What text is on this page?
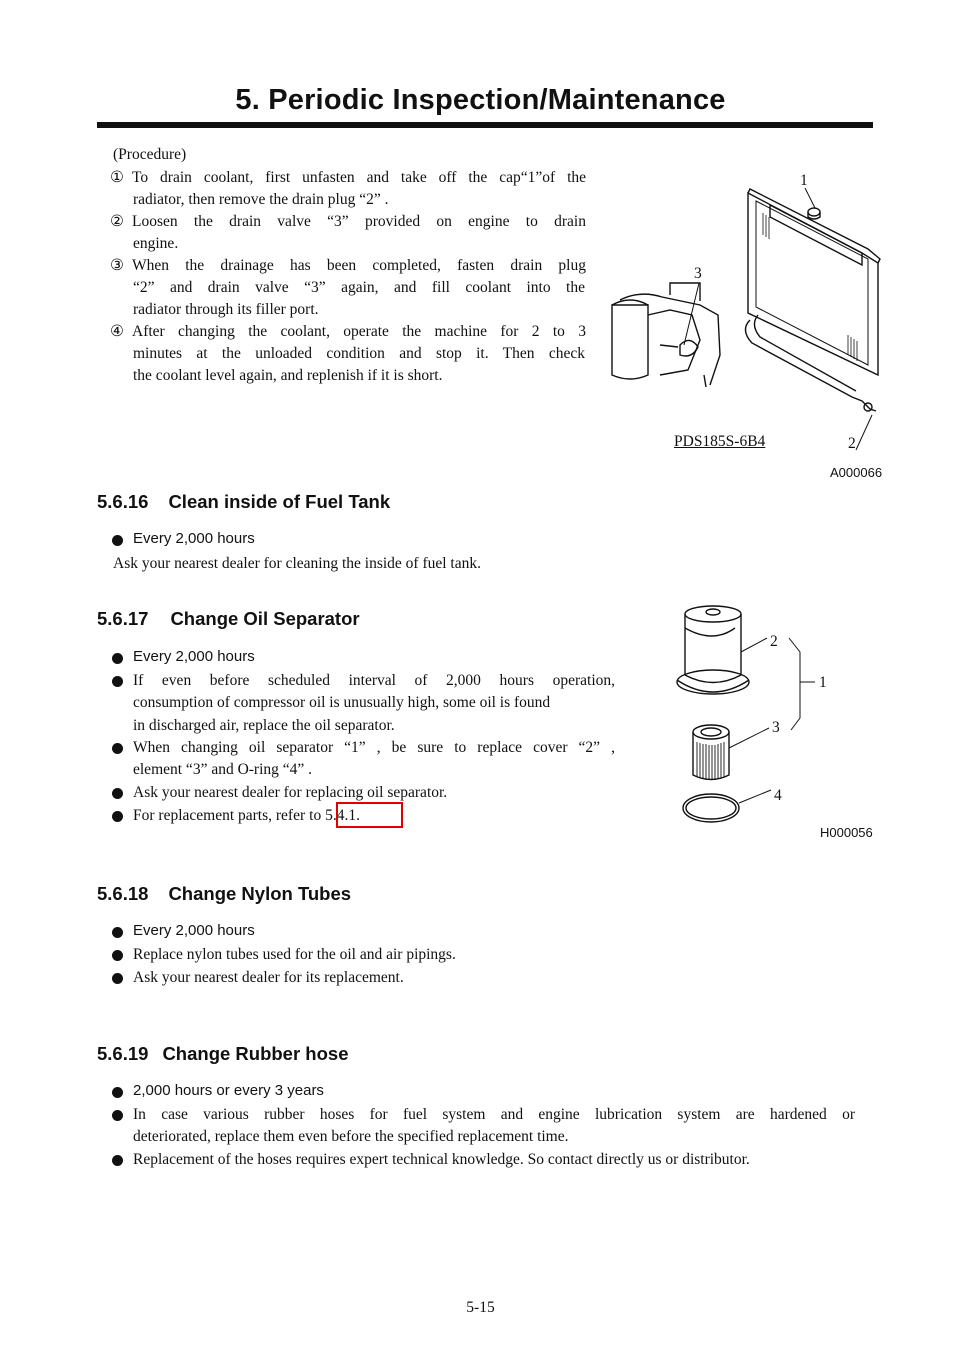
5. Periodic Inspection/Maintenance
(Procedure)
① To drain coolant, first unfasten and take off the cap“1”of the
radiator, then remove the drain plug “2” .
② Loosen the drain valve “3” provided on engine to drain
engine.
③ When the drainage has been completed, fasten drain plug
“2” and drain valve “3” again, and fill coolant into the
radiator through its filler port.
④ After changing the coolant, operate the machine for 2 to 3
minutes at the unloaded condition and stop it. Then check
the coolant level again, and replenish if it is short.
1
3
2
PDS185S-6B4
A000066
5.6.16 Clean inside of Fuel Tank
Every 2,000 hours
Ask your nearest dealer for cleaning the inside of fuel tank.
5.6.17 Change Oil Separator
Every 2,000 hours
If even before scheduled interval of 2,000 hours operation,
consumption of compressor oil is unusually high, some oil is found
in discharged air, replace the oil separator.
When changing oil separator “1” , be sure to replace cover “2” ,
element “3” and O-ring “4” .
Ask your nearest dealer for replacing oil separator.
For replacement parts, refer to 5.4.1.
2
1
3
4
H000056
5.6.18 Change Nylon Tubes
Every 2,000 hours
Replace nylon tubes used for the oil and air pipings.
Ask your nearest dealer for its replacement.
5.6.19 Change Rubber hose
2,000 hours or every 3 years
In case various rubber hoses for fuel system and engine lubrication system are hardened or
deteriorated, replace them even before the specified replacement time.
Replacement of the hoses requires expert technical knowledge. So contact directly us or distributor.
5-15
